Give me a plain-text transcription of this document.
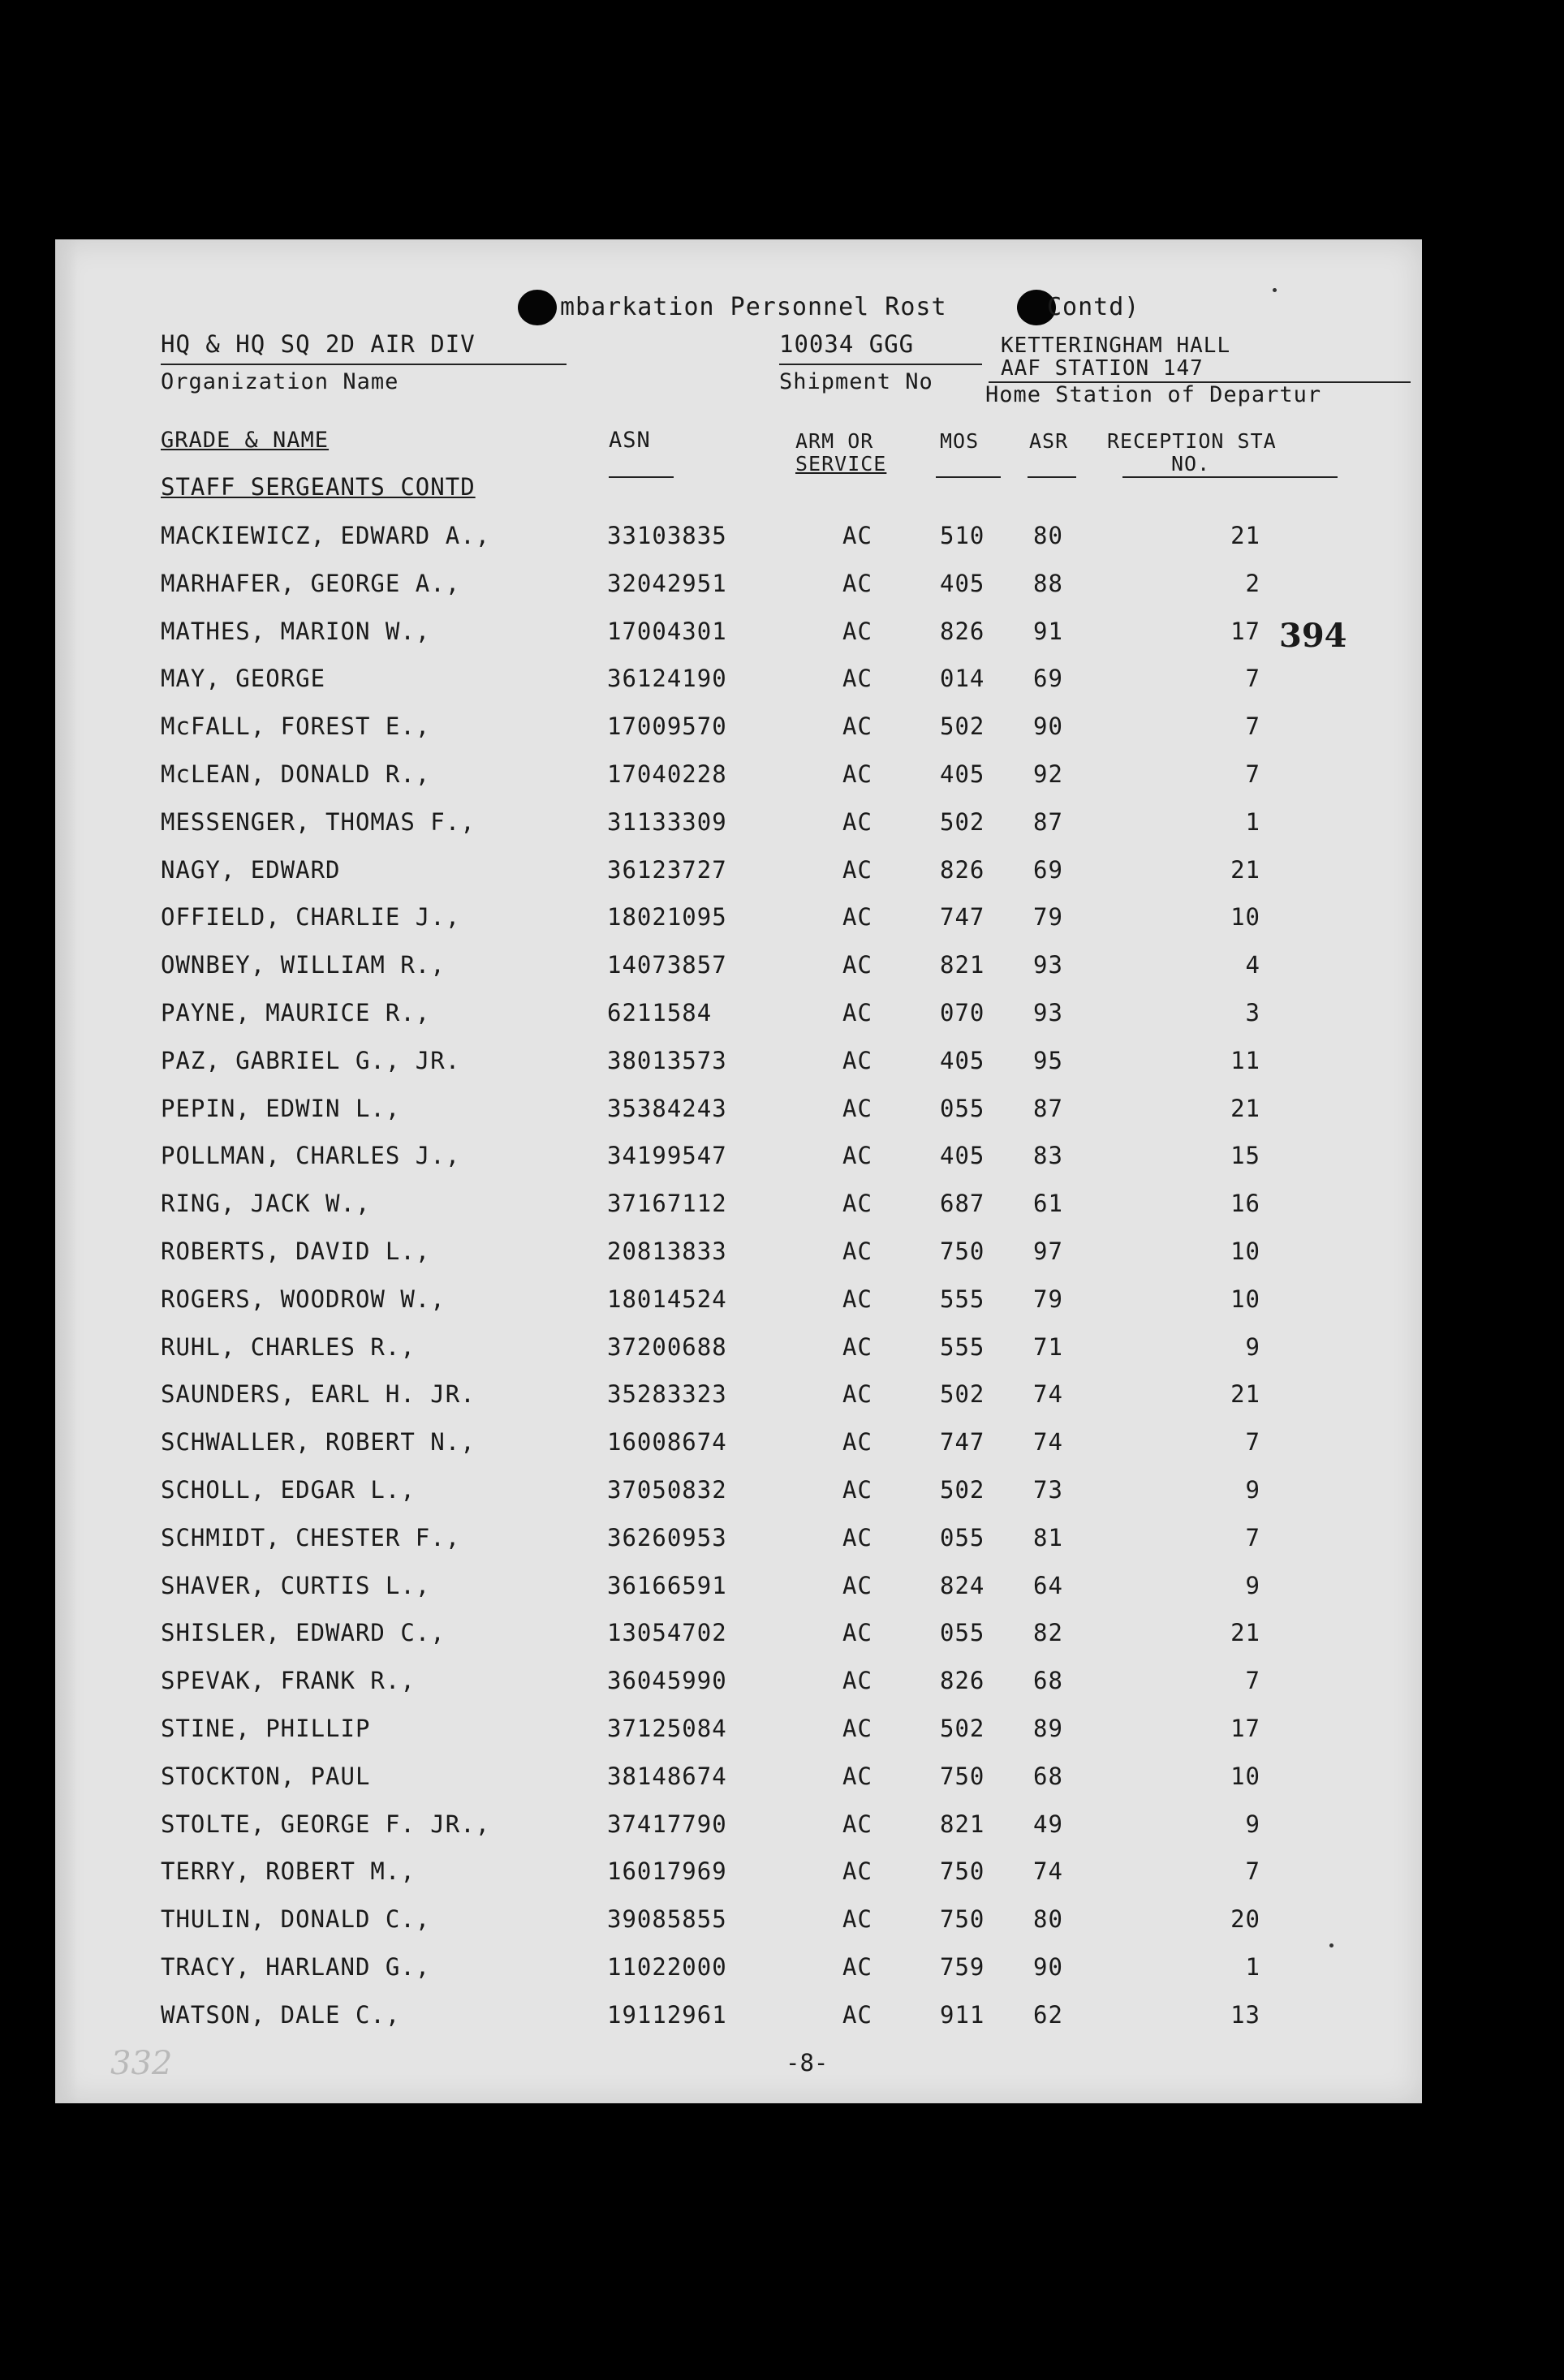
mbarkation Personnel Rost	Contd)
HQ & HQ SQ 2D AIR DIV
Organization Name
10034 GGG
Shipment No
KETTERINGHAM HALL
AAF STATION 147
Home Station of Departur
GRADE & NAME	ASN	ARM OR
SERVICE
MOS ASR RECEPTION STA
NO.
STAFF SERGEANTS CONTD
MACKIEWICZ, EDWARD A.,	33103835	AC	510 80	21
MARHAFER, GEORGE A.,	32042951	AC	405 88	2
MATHES, MARION W.,	17004301	AC	826 91	17
MAY, GEORGE	36124190	AC	014 69	7
McFALL, FOREST E.,	17009570	AC	502 90	7
McLEAN, DONALD R.,	17040228	AC	405 92	7
MESSENGER, THOMAS F.,	31133309	AC	502 87	1
NAGY, EDWARD	36123727	AC	826 69	21
OFFIELD, CHARLIE J.,	18021095	AC	747 79	10
OWNBEY, WILLIAM R.,	14073857	AC	821 93	4
PAYNE, MAURICE R.,	6211584	AC	070 93	3
PAZ, GABRIEL G., JR.	38013573	AC	405 95	11
PEPIN, EDWIN L.,	35384243	AC	055 87	21
POLLMAN, CHARLES J.,	34199547	AC	405 83	15
RING, JACK W.,	37167112	AC	687 61	16
ROBERTS, DAVID L.,	20813833	AC	750 97	10
ROGERS, WOODROW W.,	18014524	AC	555 79	10
RUHL, CHARLES R.,	37200688	AC	555 71	9
SAUNDERS, EARL H. JR.	35283323	AC	502 74	21
SCHWALLER, ROBERT N.,	16008674	AC	747 74	7
SCHOLL, EDGAR L.,	37050832	AC	502 73	9
SCHMIDT, CHESTER F.,	36260953	AC	055 81	7
SHAVER, CURTIS L.,	36166591	AC	824 64	9
SHISLER, EDWARD C.,	13054702	AC	055 82	21
SPEVAK, FRANK R.,	36045990	AC	826 68	7
STINE, PHILLIP	37125084	AC	502 89	17
STOCKTON, PAUL	38148674	AC	750 68	10
STOLTE, GEORGE F. JR.,	37417790	AC	821 49	9
TERRY, ROBERT M.,	16017969	AC	750 74	7
THULIN, DONALD C.,	39085855	AC	750 80	20
TRACY, HARLAND G.,	11022000	AC	759 90	1
WATSON, DALE C.,	19112961	AC	911 62	13
394
-8-
332
